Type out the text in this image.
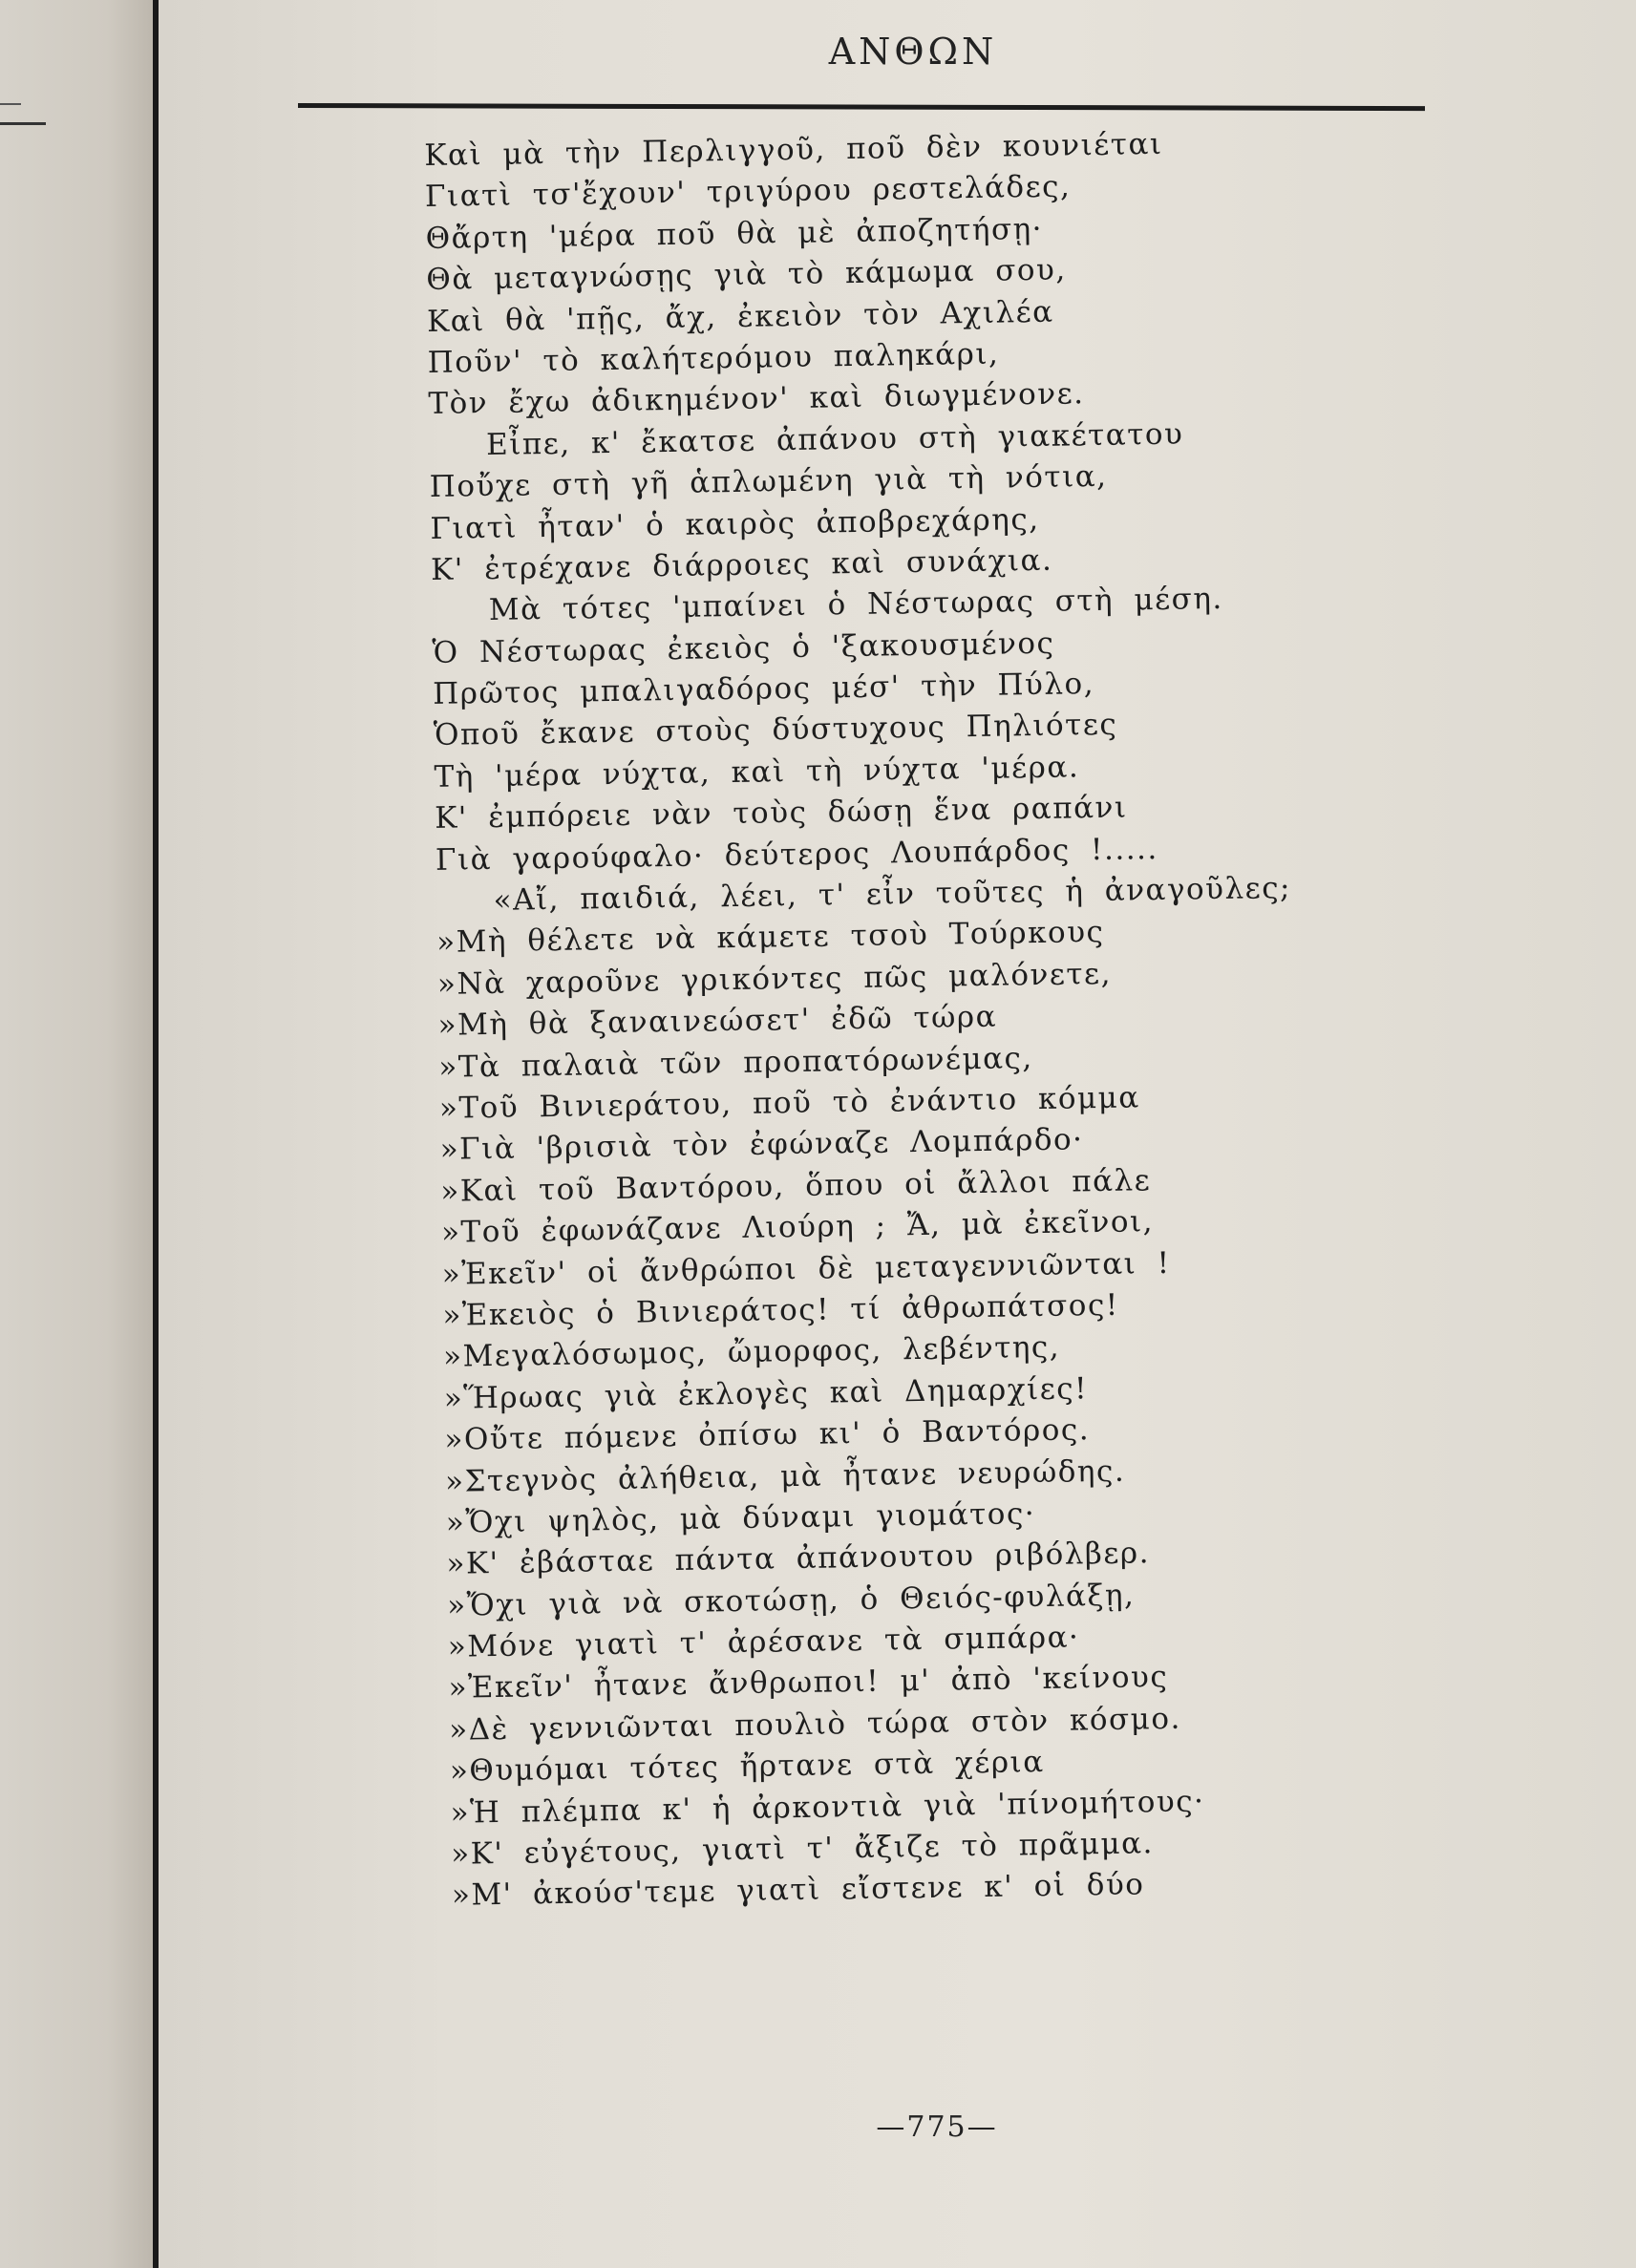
ΑΝΘΩΝ
Καὶ μὰ τὴν Περλιγγοῦ, ποῦ δὲν κουνιέται
Γιατὶ τσ'ἔχουν' τριγύρου ρεστελάδες,
Θἄρτη 'μέρα ποῦ θὰ μὲ ἀποζητήσῃ·
Θὰ μεταγνώσῃς γιὰ τὸ κάμωμα σου,
Καὶ θὰ 'πῇς, ἄχ, ἐκειὸν τὸν Αχιλέα
Ποῦν' τὸ καλήτερόμου παληκάρι,
Τὸν ἔχω ἀδικημένον' καὶ διωγμένονε.
Εἶπε, κ' ἔκατσε ἀπάνου στὴ γιακέτατου
Ποὔχε στὴ γῆ ἁπλωμένη γιὰ τὴ νότια,
Γιατὶ ἦταν' ὁ καιρὸς ἀποβρεχάρης,
Κ' ἐτρέχανε διάρροιες καὶ συνάχια.
Μὰ τότες 'μπαίνει ὁ Νέστωρας στὴ μέση.
Ὁ Νέστωρας ἐκειὸς ὁ 'ξακουσμένος
Πρῶτος μπαλιγαδόρος μέσ' τὴν Πύλο,
Ὁποῦ ἔκανε στοὺς δύστυχους Πηλιότες
Τὴ 'μέρα νύχτα, καὶ τὴ νύχτα 'μέρα.
Κ' ἐμπόρειε νὰν τοὺς δώσῃ ἕνα ραπάνι
Γιὰ γαρούφαλο· δεύτερος Λουπάρδος !.....
«Αἴ, παιδιά, λέει, τ' εἶν τοῦτες ἡ ἀναγοῦλες;
»Μὴ θέλετε νὰ κάμετε τσοὺ Τούρκους
»Νὰ χαροῦνε γρικόντες πῶς μαλόνετε,
»Μὴ θὰ ξαναινεώσετ' ἐδῶ τώρα
»Τὰ παλαιὰ τῶν προπατόρωνέμας,
»Τοῦ Βινιεράτου, ποῦ τὸ ἐνάντιο κόμμα
»Γιὰ 'βρισιὰ τὸν ἐφώναζε Λομπάρδο·
»Καὶ τοῦ Βαντόρου, ὅπου οἱ ἄλλοι πάλε
»Τοῦ ἐφωνάζανε Λιούρη ; Ἄ, μὰ ἐκεῖνοι,
»Ἐκεῖν' οἱ ἄνθρώποι δὲ μεταγεννιῶνται !
»Ἐκειὸς ὁ Βινιεράτος! τί ἀθρωπάτσος!
»Μεγαλόσωμος, ὤμορφος, λεβέντης,
»Ἥρωας γιὰ ἐκλογὲς καὶ Δημαρχίες!
»Οὔτε πόμενε ὀπίσω κι' ὁ Βαντόρος.
»Στεγνὸς ἀλήθεια, μὰ ἦτανε νευρώδης.
»Ὄχι ψηλὸς, μὰ δύναμι γιομάτος·
»Κ' ἐβάσταε πάντα ἀπάνουτου ριβόλβερ.
»Ὄχι γιὰ νὰ σκοτώσῃ, ὁ Θειός-φυλάξῃ,
»Μόνε γιατὶ τ' ἀρέσανε τὰ σμπάρα·
»Ἐκεῖν' ἦτανε ἄνθρωποι! μ' ἀπὸ 'κείνους
»Δὲ γεννιῶνται πουλιὸ τώρα στὸν κόσμο.
»Θυμόμαι τότες ἤρτανε στὰ χέρια
»Ἡ πλέμπα κ' ἡ ἀρκοντιὰ γιὰ 'πίνομήτους·
»Κ' εὐγέτους, γιατὶ τ' ἄξιζε τὸ πρᾶμμα.
»Μ' ἀκούσ'τεμε γιατὶ εἴστενε κ' οἱ δύο
—775—
